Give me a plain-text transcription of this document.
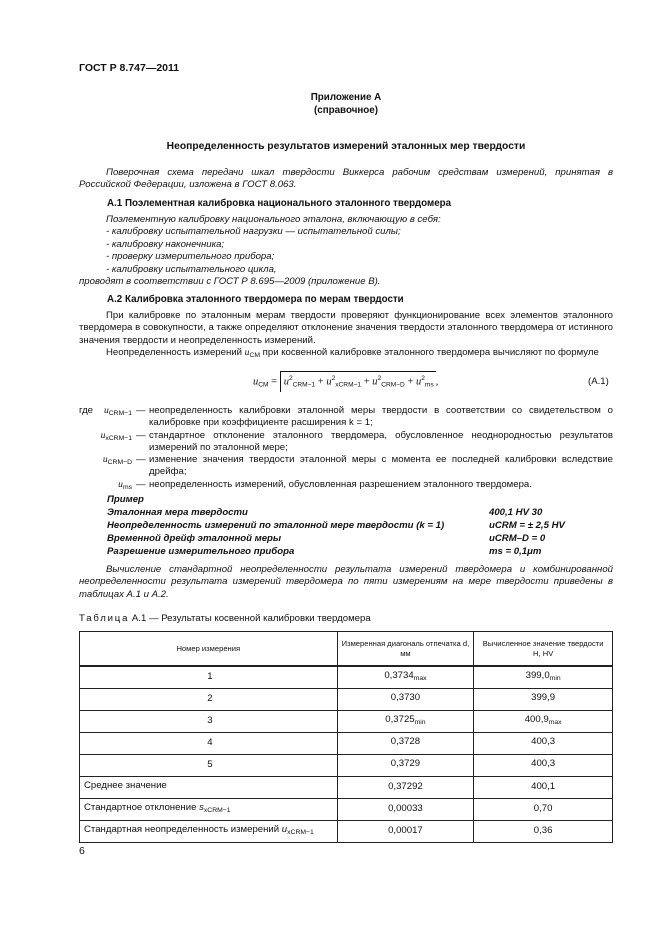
ГОСТ Р 8.747—2011
Приложение А
(справочное)
Неопределенность результатов измерений эталонных мер твердости
Поверочная схема передачи шкал твердости Виккерса рабочим средствам измерений, принятая в Российской Федерации, изложена в ГОСТ 8.063.
А.1 Поэлементная калибровка национального эталонного твердомера
Поэлементную калибровку национального эталона, включающую в себя:
- калибровку испытательной нагрузки — испытательной силы;
- калибровку наконечника;
- проверку измерительного прибора;
- калибровку испытательного цикла,
проводят в соответствии с ГОСТ Р 8.695—2009 (приложение В).
А.2 Калибровка эталонного твердомера по мерам твердости
При калибровке по эталонным мерам твердости проверяют функционирование всех элементов эталонного твердомера в совокупности, а также определяют отклонение значения твердости эталонного твердомера от истинного значения твердости и неопределенность измерений.
Неопределенность измерений $u_{CM}$ при косвенной калибровке эталонного твердомера вычисляют по формуле
$u_{CM} = u^2_{CRM-1} + u^2_{xCRM-1} + u^2_{CRM-D} + u^2_{ms}$ ,	(А.1)
где	$u_{CRM-1}$ — неопределенность калибровки эталонной меры твердости в соответствии со свидетельством о калибровке при коэффициенте расширения k = 1;
$u_{xCRM-1}$ — стандартное отклонение эталонного твердомера, обусловленное неоднородностью результатов измерений по эталонной мере;
$u_{CRM-D}$ — изменение значения твердости эталонной меры с момента ее последней калибровки вследствие дрейфа;
$u_{ms}$ — неопределенность измерений, обусловленная разрешением эталонного твердомера.
Пример
Эталонная мера твердости	400,1 HV 30
Неопределенность измерений по эталонной мере твердости (k = 1)	uCRM = ± 2,5 HV
Временной дрейф эталонной меры	uCRM–D = 0
Разрешение измерительного прибора	ms = 0,1μm
Вычисление стандартной неопределенности результата измерений твердомера и комбинированной неопределенности результата измерений твердомера по пяти измерениям на мере твердости приведены в таблицах А.1 и А.2.
Таблица А.1 — Результаты косвенной калибровки твердомера
Номер измерения	Измеренная диагональ отпечатка d, мм	Вычисленное значение твердости H, HV
1	$0,3734_{max}$	$399,0_{min}$
2	0,3730	399,9
3	$0,3725_{min}$	$400,9_{max}$
4	0,3728	400,3
5	0,3729	400,3
Среднее значение	0,37292	400,1
Стандартное отклонение $s_{xCRM-1}$	0,00033	0,70
Стандартная неопределенность измерений $u_{xCRM-1}$	0,00017	0,36
6
